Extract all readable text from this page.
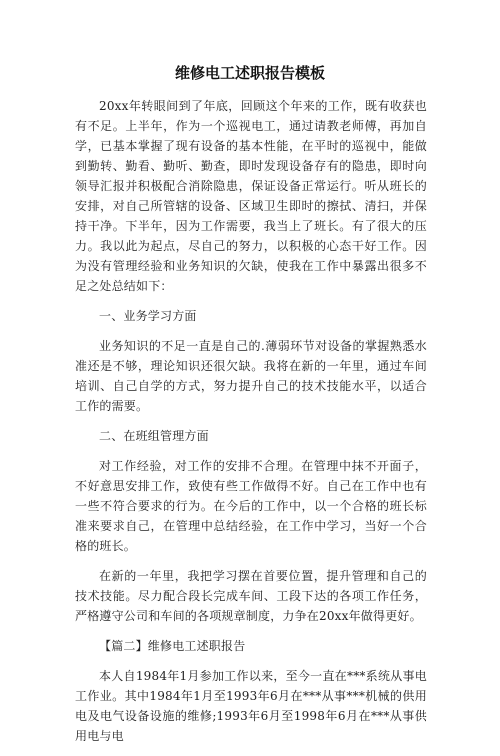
维修电工述职报告模板

20xx年转眼间到了年底，回顾这个年来的工作，既有收获也有不足。上半年，作为一个巡视电工，通过请教老师傅，再加自学，已基本掌握了现有设备的基本性能，在平时的巡视中，能做到勤转、勤看、勤听、勤查，即时发现设备存有的隐患，即时向领导汇报并积极配合消除隐患，保证设备正常运行。听从班长的安排，对自己所管辖的设备、区域卫生即时的擦拭、清扫，并保持干净。下半年，因为工作需要，我当上了班长。有了很大的压力。我以此为起点，尽自己的努力，以积极的心态干好工作。因为没有管理经验和业务知识的欠缺，使我在工作中暴露出很多不足之处总结如下：

一、业务学习方面

业务知识的不足一直是自己的.薄弱环节对设备的掌握熟悉水准还是不够，理论知识还很欠缺。我将在新的一年里，通过车间培训、自己自学的方式，努力提升自己的技术技能水平，以适合工作的需要。

二、在班组管理方面

对工作经验，对工作的安排不合理。在管理中抹不开面子，不好意思安排工作，致使有些工作做得不好。自己在工作中也有一些不符合要求的行为。在今后的工作中，以一个合格的班长标准来要求自己，在管理中总结经验，在工作中学习，当好一个合格的班长。

在新的一年里，我把学习摆在首要位置，提升管理和自己的技术技能。尽力配合段长完成车间、工段下达的各项工作任务，严格遵守公司和车间的各项规章制度，力争在20xx年做得更好。

【篇二】维修电工述职报告

本人自1984年1月参加工作以来，至今一直在***系统从事电工作业。其中1984年1月至1993年6月在***从事***机械的供用电及电气设备设施的维修;1993年6月至1998年6月在***从事供用电与电
